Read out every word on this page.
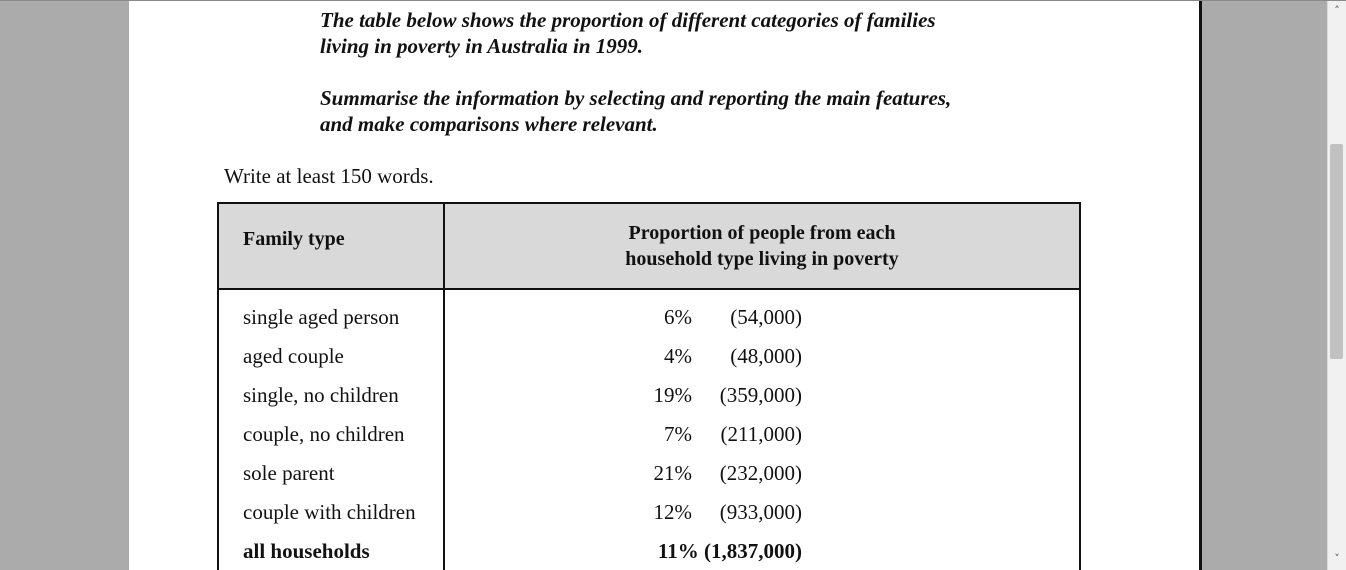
The table below shows the proportion of different categories of families

living in poverty in Australia in 1999.

Summarise the information by selecting and reporting the main features,

and make comparisons where relevant.

Write at least 150 words.
Family type	Proportion of people from each
household type living in poverty
single aged person	6% (54,000)
aged couple	4% (48,000)
single, no children	19% (359,000)
couple, no children	7% (211,000)
sole parent	21% (232,000)
couple with children	12% (933,000)
all households	11% (1,837,000)
˄
˅
